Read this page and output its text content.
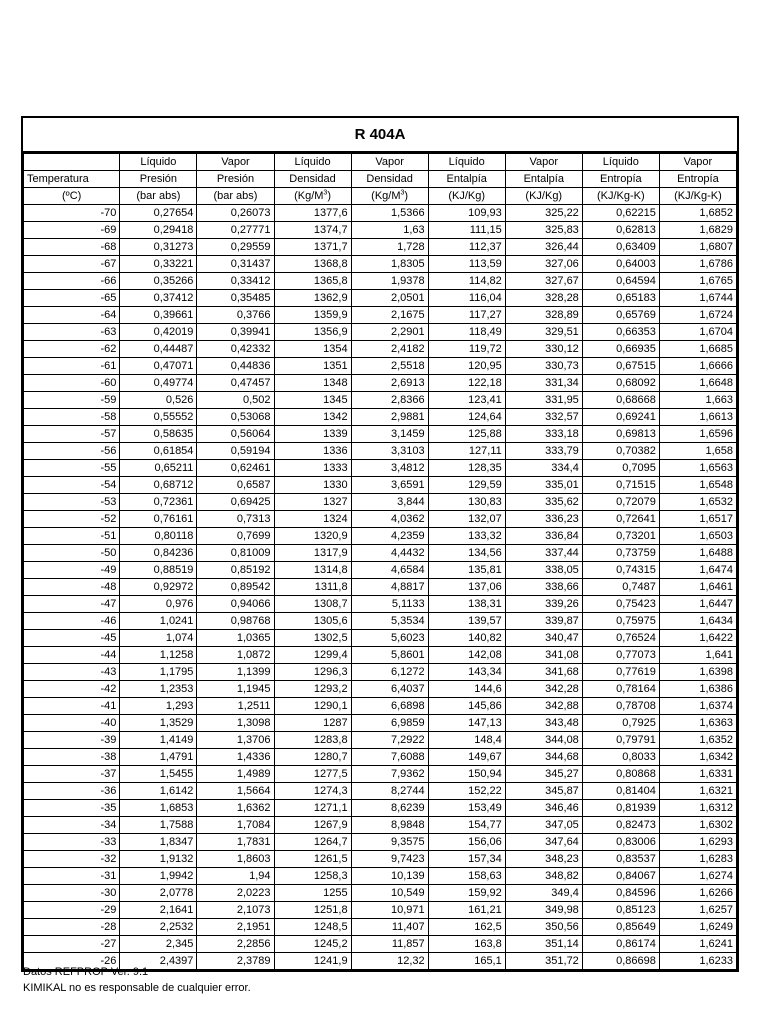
R 404A
	Líquido	Vapor	Líquido	Vapor	Líquido	Vapor	Líquido	Vapor
Temperatura	Presión	Presión	Densidad	Densidad	Entalpía	Entalpía	Entropía	Entropía
(ºC)	(bar abs)	(bar abs)	$(Kg/M^3)$	$(Kg/M^3)$	(KJ/Kg)	(KJ/Kg)	(KJ/Kg-K)	(KJ/Kg-K)
-70	0,27654	0,26073	1377,6	1,5366	109,93	325,22	0,62215	1,6852
-69	0,29418	0,27771	1374,7	1,63	111,15	325,83	0,62813	1,6829
-68	0,31273	0,29559	1371,7	1,728	112,37	326,44	0,63409	1,6807
-67	0,33221	0,31437	1368,8	1,8305	113,59	327,06	0,64003	1,6786
-66	0,35266	0,33412	1365,8	1,9378	114,82	327,67	0,64594	1,6765
-65	0,37412	0,35485	1362,9	2,0501	116,04	328,28	0,65183	1,6744
-64	0,39661	0,3766	1359,9	2,1675	117,27	328,89	0,65769	1,6724
-63	0,42019	0,39941	1356,9	2,2901	118,49	329,51	0,66353	1,6704
-62	0,44487	0,42332	1354	2,4182	119,72	330,12	0,66935	1,6685
-61	0,47071	0,44836	1351	2,5518	120,95	330,73	0,67515	1,6666
-60	0,49774	0,47457	1348	2,6913	122,18	331,34	0,68092	1,6648
-59	0,526	0,502	1345	2,8366	123,41	331,95	0,68668	1,663
-58	0,55552	0,53068	1342	2,9881	124,64	332,57	0,69241	1,6613
-57	0,58635	0,56064	1339	3,1459	125,88	333,18	0,69813	1,6596
-56	0,61854	0,59194	1336	3,3103	127,11	333,79	0,70382	1,658
-55	0,65211	0,62461	1333	3,4812	128,35	334,4	0,7095	1,6563
-54	0,68712	0,6587	1330	3,6591	129,59	335,01	0,71515	1,6548
-53	0,72361	0,69425	1327	3,844	130,83	335,62	0,72079	1,6532
-52	0,76161	0,7313	1324	4,0362	132,07	336,23	0,72641	1,6517
-51	0,80118	0,7699	1320,9	4,2359	133,32	336,84	0,73201	1,6503
-50	0,84236	0,81009	1317,9	4,4432	134,56	337,44	0,73759	1,6488
-49	0,88519	0,85192	1314,8	4,6584	135,81	338,05	0,74315	1,6474
-48	0,92972	0,89542	1311,8	4,8817	137,06	338,66	0,7487	1,6461
-47	0,976	0,94066	1308,7	5,1133	138,31	339,26	0,75423	1,6447
-46	1,0241	0,98768	1305,6	5,3534	139,57	339,87	0,75975	1,6434
-45	1,074	1,0365	1302,5	5,6023	140,82	340,47	0,76524	1,6422
-44	1,1258	1,0872	1299,4	5,8601	142,08	341,08	0,77073	1,641
-43	1,1795	1,1399	1296,3	6,1272	143,34	341,68	0,77619	1,6398
-42	1,2353	1,1945	1293,2	6,4037	144,6	342,28	0,78164	1,6386
-41	1,293	1,2511	1290,1	6,6898	145,86	342,88	0,78708	1,6374
-40	1,3529	1,3098	1287	6,9859	147,13	343,48	0,7925	1,6363
-39	1,4149	1,3706	1283,8	7,2922	148,4	344,08	0,79791	1,6352
-38	1,4791	1,4336	1280,7	7,6088	149,67	344,68	0,8033	1,6342
-37	1,5455	1,4989	1277,5	7,9362	150,94	345,27	0,80868	1,6331
-36	1,6142	1,5664	1274,3	8,2744	152,22	345,87	0,81404	1,6321
-35	1,6853	1,6362	1271,1	8,6239	153,49	346,46	0,81939	1,6312
-34	1,7588	1,7084	1267,9	8,9848	154,77	347,05	0,82473	1,6302
-33	1,8347	1,7831	1264,7	9,3575	156,06	347,64	0,83006	1,6293
-32	1,9132	1,8603	1261,5	9,7423	157,34	348,23	0,83537	1,6283
-31	1,9942	1,94	1258,3	10,139	158,63	348,82	0,84067	1,6274
-30	2,0778	2,0223	1255	10,549	159,92	349,4	0,84596	1,6266
-29	2,1641	2,1073	1251,8	10,971	161,21	349,98	0,85123	1,6257
-28	2,2532	2,1951	1248,5	11,407	162,5	350,56	0,85649	1,6249
-27	2,345	2,2856	1245,2	11,857	163,8	351,14	0,86174	1,6241
-26	2,4397	2,3789	1241,9	12,32	165,1	351,72	0,86698	1,6233
Datos REFPROP Ver. 9.1
KIMIKAL no es responsable de cualquier error.
